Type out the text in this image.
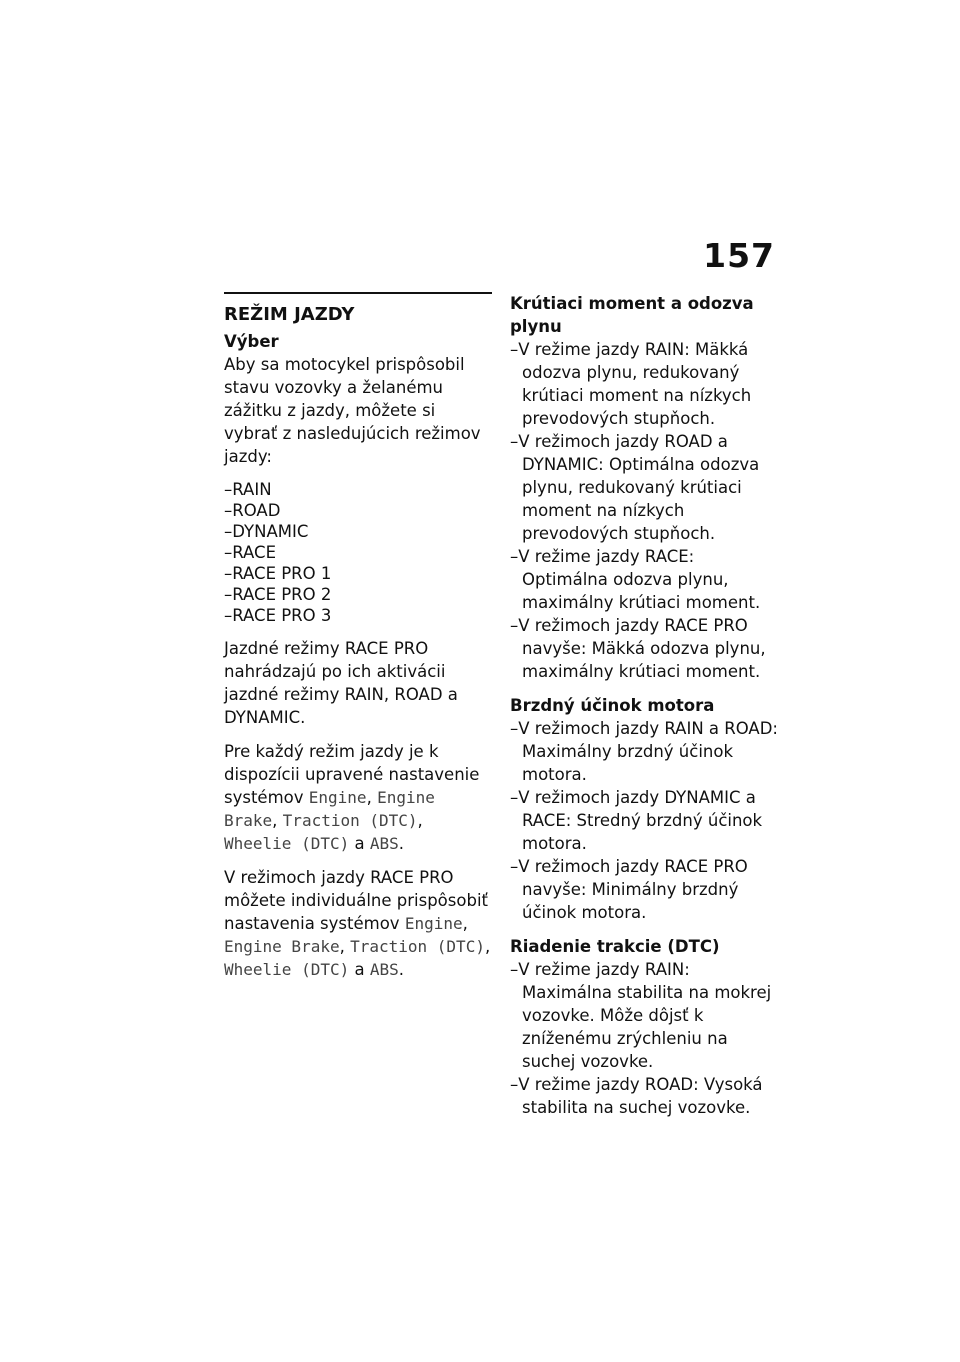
157
REŽIM JAZDY
Výber

Aby sa motocykel prispôsobil stavu vozovky a želanému zážitku z jazdy, môžete si vybrať z nasledujúcich režimov jazdy:

– RAIN
– ROAD
– DYNAMIC
– RACE
– RACE PRO 1
– RACE PRO 2
– RACE PRO 3

Jazdné režimy RACE PRO nahrádzajú po ich aktivácii jazdné režimy RAIN, ROAD a DYNAMIC.

Pre každý režim jazdy je k dispozícii upravené nastavenie systémov Engine, Engine Brake, Traction (DTC), Wheelie (DTC) a ABS.

V režimoch jazdy RACE PRO môžete individuálne prispôsobiť nastavenia systémov Engine, Engine Brake, Traction (DTC), Wheelie (DTC) a ABS.

Krútiaci moment a odozva plynu
– V režime jazdy RAIN: Mäkká odozva plynu, redukovaný krútiaci moment na nízkych prevodových stupňoch.
– V režimoch jazdy ROAD a DYNAMIC: Optimálna odozva plynu, redukovaný krútiaci moment na nízkych prevodových stupňoch.
– V režime jazdy RACE: Optimálna odozva plynu, maximálny krútiaci moment.
– V režimoch jazdy RACE PRO navyše: Mäkká odozva plynu, maximálny krútiaci moment.
Brzdný účinok motora
– V režimoch jazdy RAIN a ROAD: Maximálny brzdný účinok motora.
– V režimoch jazdy DYNAMIC a RACE: Stredný brzdný účinok motora.
– V režimoch jazdy RACE PRO navyše: Minimálny brzdný účinok motora.
Riadenie trakcie (DTC)
– V režime jazdy RAIN: Maximálna stabilita na mokrej vozovke. Môže dôjsť k zníženému zrýchleniu na suchej vozovke.
– V režime jazdy ROAD: Vysoká stabilita na suchej vozovke.
